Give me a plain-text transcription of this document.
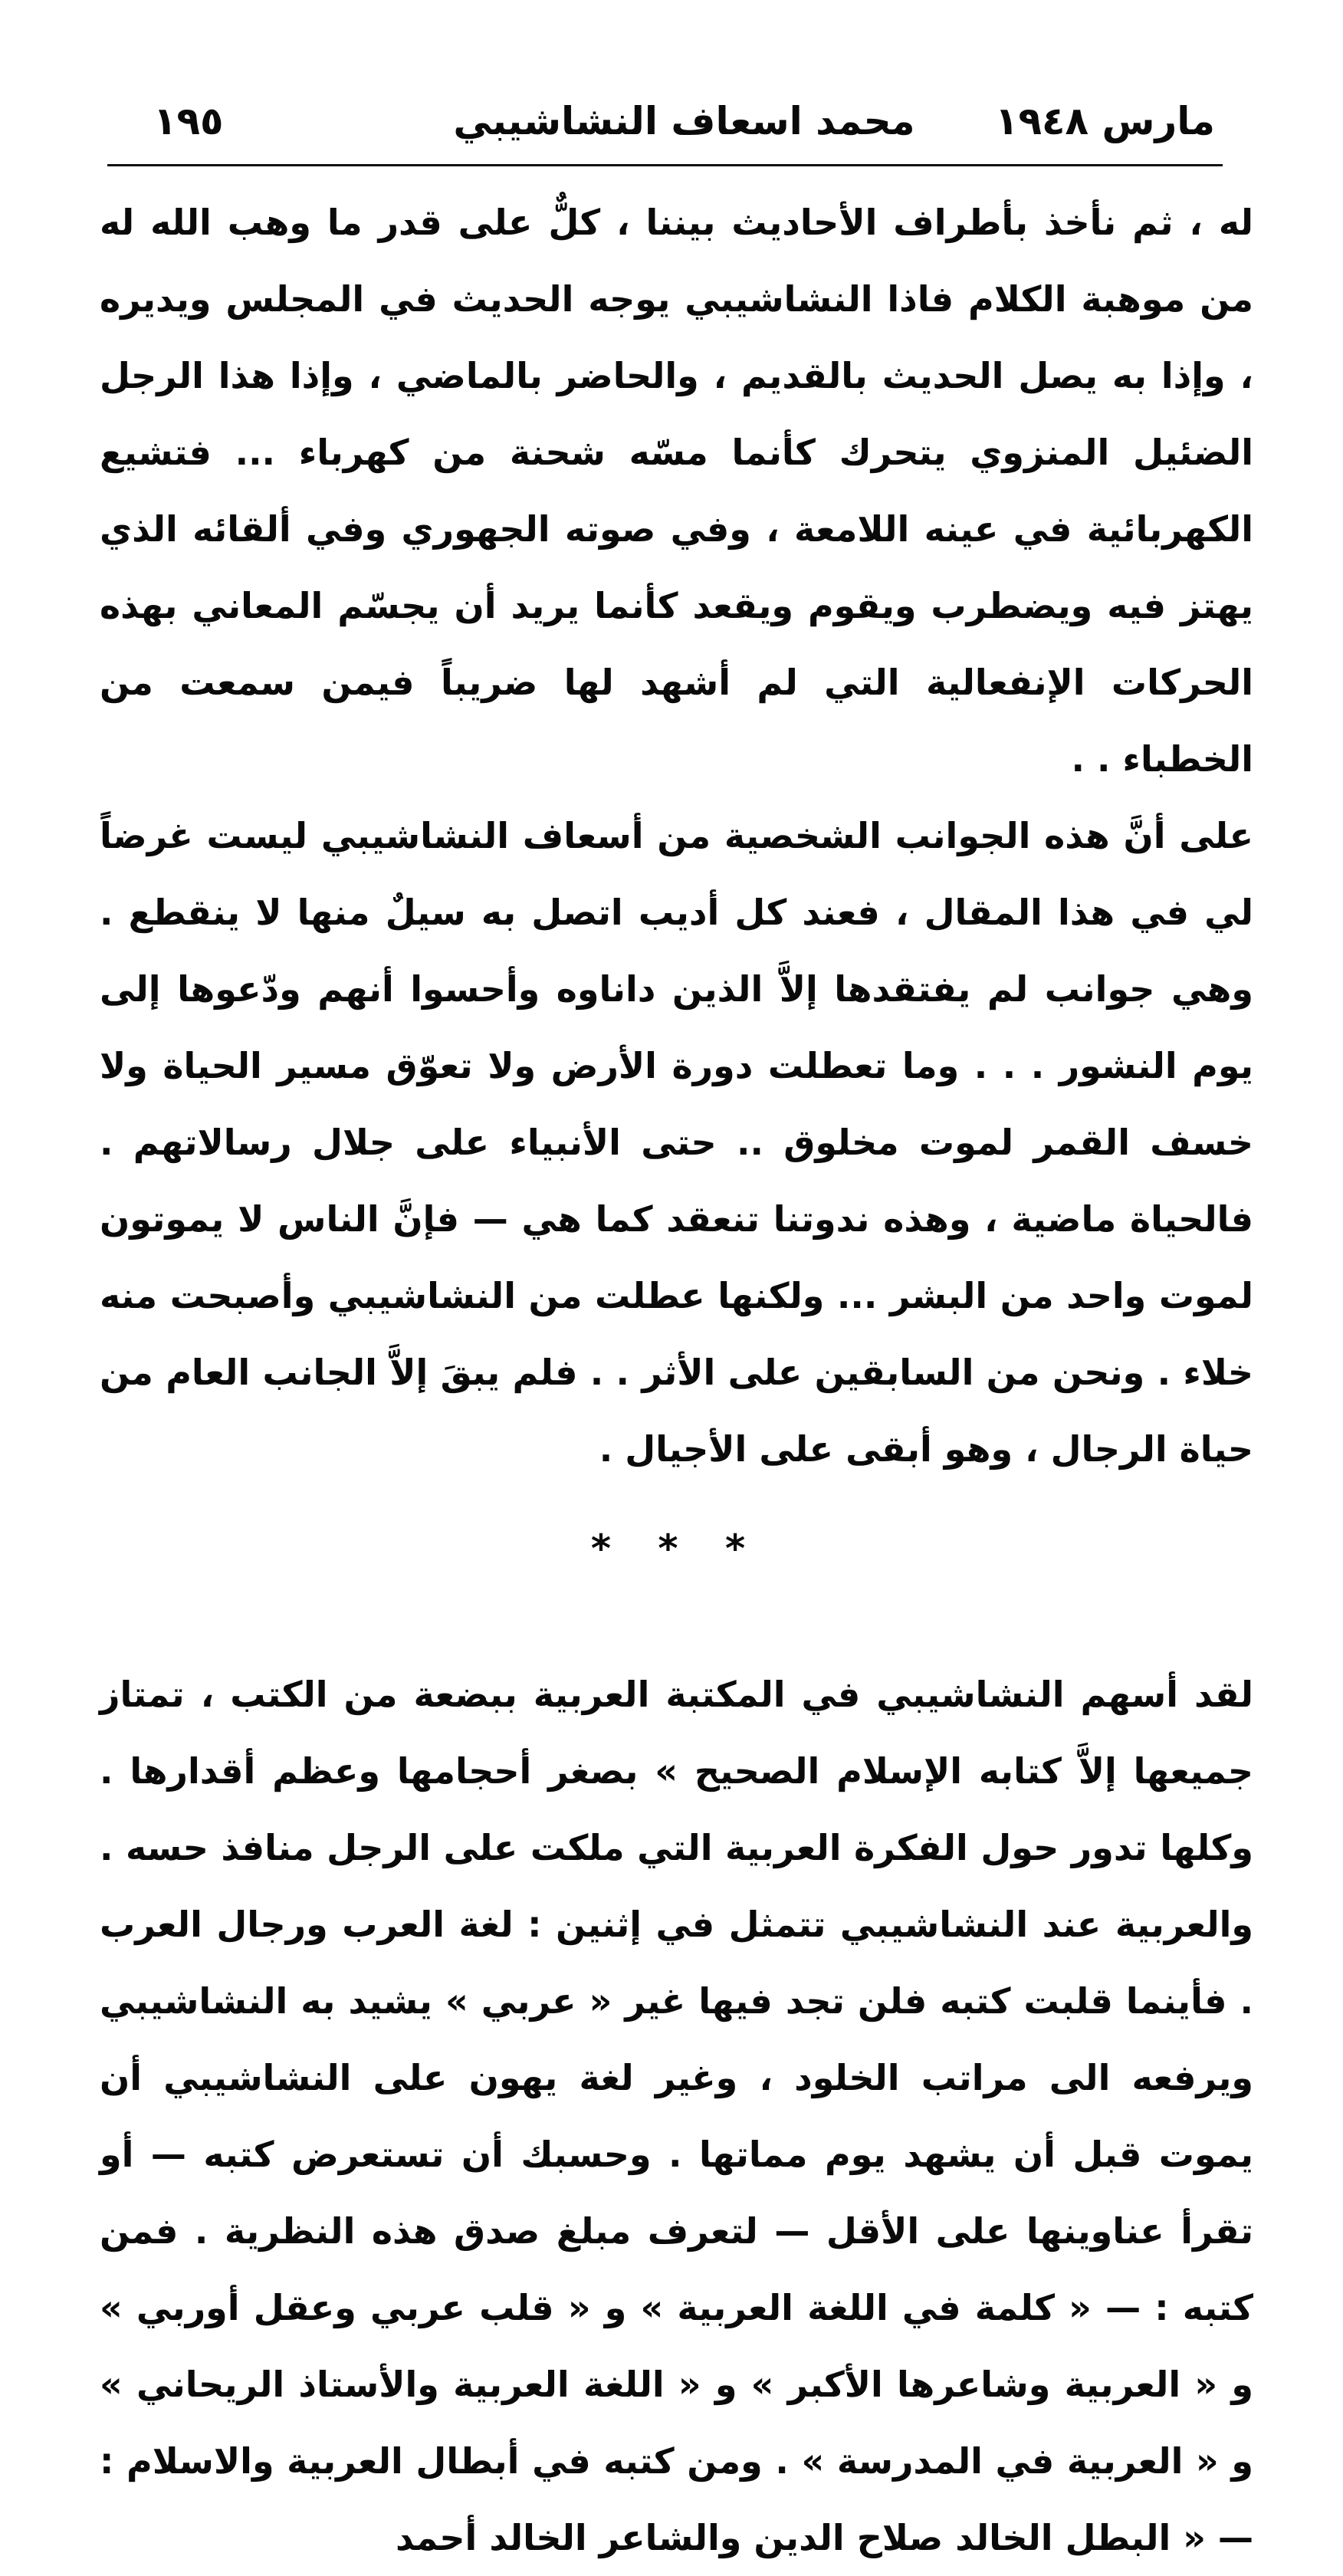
مارس ١٩٤٨
محمد اسعاف النشاشيبي
١٩٥

له ، ثم نأخذ بأطراف الأحاديث بيننا ، كلٌّ على قدر ما وهب الله له من موهبة الكلام فاذا النشاشيبي يوجه الحديث في المجلس ويديره ، وإذا به يصل الحديث بالقديم ، والحاضر بالماضي ، وإذا هذا الرجل الضئيل المنزوي يتحرك كأنما مسّه شحنة من كهرباء ... فتشيع الكهربائية في عينه اللامعة ، وفي صوته الجهوري وفي ألقائه الذي يهتز فيه ويضطرب ويقوم ويقعد كأنما يريد أن يجسّم المعاني بهذه الحركات الإنفعالية التي لم أشهد لها ضريباً فيمن سمعت من الخطباء . .

على أنَّ هذه الجوانب الشخصية من أسعاف النشاشيبي ليست غرضاً لي في هذا المقال ، فعند كل أديب اتصل به سيلٌ منها لا ينقطع . وهي جوانب لم يفتقدها إلاَّ الذين داناوه وأحسوا أنهم ودّعوها إلى يوم النشور . . . وما تعطلت دورة الأرض ولا تعوّق مسير الحياة ولا خسف القمر لموت مخلوق .. حتى الأنبياء على جلال رسالاتهم . فالحياة ماضية ، وهذه ندوتنا تنعقد كما هي — فإنَّ الناس لا يموتون لموت واحد من البشر ... ولكنها عطلت من النشاشيبي وأصبحت منه خلاء . ونحن من السابقين على الأثر . . فلم يبقَ إلاَّ الجانب العام من حياة الرجال ، وهو أبقى على الأجيال .

* * *

لقد أسهم النشاشيبي في المكتبة العربية ببضعة من الكتب ، تمتاز جميعها إلاَّ كتابه الإسلام الصحيح » بصغر أحجامها وعظم أقدارها . وكلها تدور حول الفكرة العربية التي ملكت على الرجل منافذ حسه . والعربية عند النشاشيبي تتمثل في إثنين : لغة العرب ورجال العرب . فأينما قلبت كتبه فلن تجد فيها غير « عربي » يشيد به النشاشيبي ويرفعه الى مراتب الخلود ، وغير لغة يهون على النشاشيبي أن يموت قبل أن يشهد يوم مماتها . وحسبك أن تستعرض كتبه — أو تقرأ عناوينها على الأقل — لتعرف مبلغ صدق هذه النظرية . فمن كتبه : — « كلمة في اللغة العربية » و « قلب عربي وعقل أوربي » و « العربية وشاعرها الأكبر » و « اللغة العربية والأستاذ الريحاني » و « العربية في المدرسة » . ومن كتبه في أبطال العربية والاسلام : — « البطل الخالد صلاح الدين والشاعر الخالد أحمد
